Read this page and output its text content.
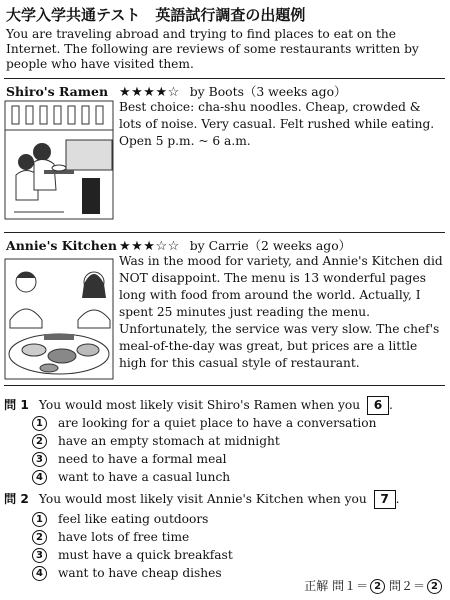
大学入学共通テスト　英語試行調査の出題例
You are traveling abroad and trying to find places to eat on the Internet. The following are reviews of some restaurants written by people who have visited them.
Shiro's Ramen ★★★★☆ by Boots（3 weeks ago）
Best choice: cha-shu noodles. Cheap, crowded & lots of noise. Very casual. Felt rushed while eating. Open 5 p.m. ~ 6 a.m.
Annie's Kitchen ★★★☆☆ by Carrie（2 weeks ago）
Was in the mood for variety, and Annie's Kitchen did NOT disappoint. The menu is 13 wonderful pages long with food from around the world. Actually, I spent 25 minutes just reading the menu. Unfortunately, the service was very slow. The chef's meal-of-the-day was great, but prices are a little high for this casual style of restaurant.
問 1 You would most likely visit Shiro's Ramen when you 6 .
1 are looking for a quiet place to have a conversation
2 have an empty stomach at midnight
3 need to have a formal meal
4 want to have a casual lunch
問 2 You would most likely visit Annie's Kitchen when you 7 .
1 feel like eating outdoors
2 have lots of free time
3 must have a quick breakfast
4 want to have cheap dishes
正解 問１＝ 2 問２＝ 2
